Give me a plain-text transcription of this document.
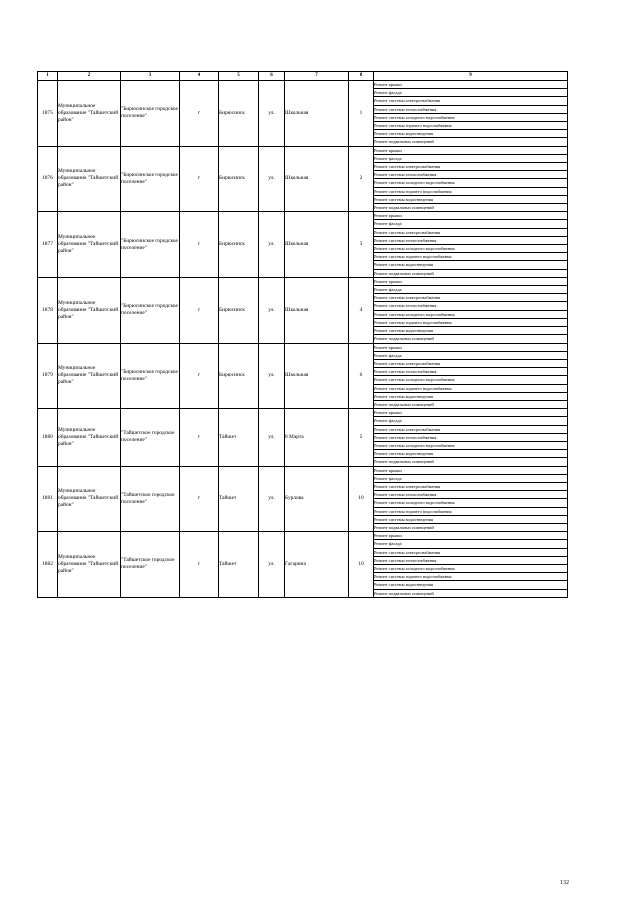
1	2	3	4	5	6	7	8	9
1875	Муниципальное образование "Тайшетский район"	"Бирюсинское городское поселение"	г	Бирюсинск	ул.	Школьная	1	Ремонт крыши
								Ремонт фасада
								Ремонт системы электроснабжения
								Ремонт системы теплоснабжения
								Ремонт системы холодного водоснабжения
								Ремонт системы горячего водоснабжения
								Ремонт системы водоотведения
								Ремонт подвальных помещений
1876	Муниципальное образование "Тайшетский район"	"Бирюсинское городское поселение"	г	Бирюсинск	ул.	Школьная	2	Ремонт крыши
								Ремонт фасада
								Ремонт системы электроснабжения
								Ремонт системы теплоснабжения
								Ремонт системы холодного водоснабжения
								Ремонт системы горячего водоснабжения
								Ремонт системы водоотведения
								Ремонт подвальных помещений
1877	Муниципальное образование "Тайшетский район"	"Бирюсинское городское поселение"	г	Бирюсинск	ул.	Школьная	3	Ремонт крыши
								Ремонт фасада
								Ремонт системы электроснабжения
								Ремонт системы теплоснабжения
								Ремонт системы холодного водоснабжения
								Ремонт системы горячего водоснабжения
								Ремонт системы водоотведения
								Ремонт подвальных помещений
1878	Муниципальное образование "Тайшетский район"	"Бирюсинское городское поселение"	г	Бирюсинск	ул.	Школьная	4	Ремонт крыши
								Ремонт фасада
								Ремонт системы электроснабжения
								Ремонт системы теплоснабжения
								Ремонт системы холодного водоснабжения
								Ремонт системы горячего водоснабжения
								Ремонт системы водоотведения
								Ремонт подвальных помещений
1879	Муниципальное образование "Тайшетский район"	"Бирюсинское городское поселение"	г	Бирюсинск	ул.	Школьная	6	Ремонт крыши
								Ремонт фасада
								Ремонт системы электроснабжения
								Ремонт системы теплоснабжения
								Ремонт системы холодного водоснабжения
								Ремонт системы горячего водоснабжения
								Ремонт системы водоотведения
								Ремонт подвальных помещений
1880	Муниципальное образование "Тайшетский район"	"Тайшетское городское поселение"	г	Тайшет	ул.	8 Марта	5	Ремонт крыши
								Ремонт фасада
								Ремонт системы электроснабжения
								Ремонт системы теплоснабжения
								Ремонт системы холодного водоснабжения
								Ремонт системы водоотведения
								Ремонт подвальных помещений
1881	Муниципальное образование "Тайшетский район"	"Тайшетское городское поселение"	г	Тайшет	ул.	Бурлова	10	Ремонт крыши
								Ремонт фасада
								Ремонт системы электроснабжения
								Ремонт системы теплоснабжения
								Ремонт системы холодного водоснабжения
								Ремонт системы горячего водоснабжения
								Ремонт системы водоотведения
								Ремонт подвальных помещений
1882	Муниципальное образование "Тайшетский район"	"Тайшетское городское поселение"	г	Тайшет	ул.	Гагарина	10	Ремонт крыши
								Ремонт фасада
								Ремонт системы электроснабжения
								Ремонт системы теплоснабжения
								Ремонт системы холодного водоснабжения
								Ремонт системы горячего водоснабжения
								Ремонт системы водоотведения
								Ремонт подвальных помещений
132
